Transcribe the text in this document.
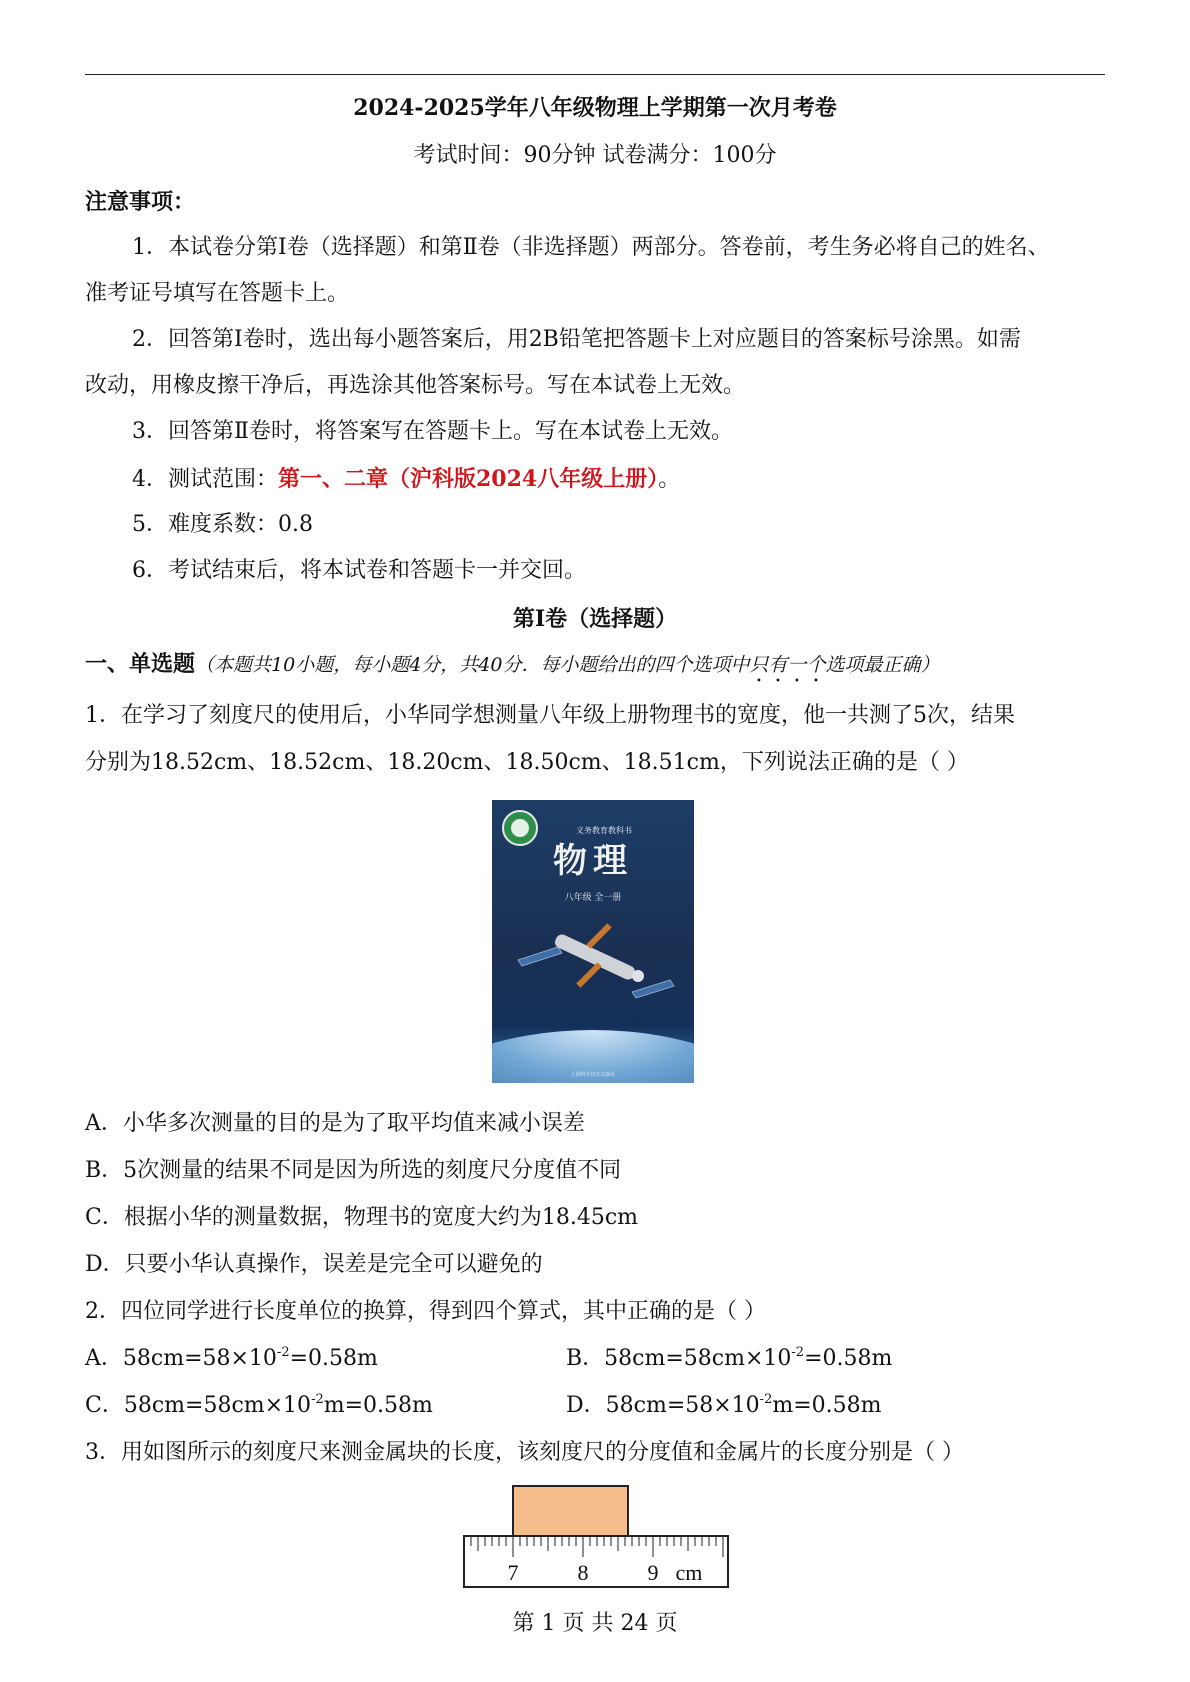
2024-2025学年八年级物理上学期第一次月考卷
考试时间：90分钟 试卷满分：100分
注意事项：
1．本试卷分第Ⅰ卷（选择题）和第Ⅱ卷（非选择题）两部分。答卷前，考生务必将自己的姓名、
准考证号填写在答题卡上。
2．回答第Ⅰ卷时，选出每小题答案后，用2B铅笔把答题卡上对应题目的答案标号涂黑。如需
改动，用橡皮擦干净后，再选涂其他答案标号。写在本试卷上无效。
3．回答第Ⅱ卷时，将答案写在答题卡上。写在本试卷上无效。
4．测试范围：第一、二章（沪科版2024八年级上册）。
5．难度系数：0.8
6．考试结束后，将本试卷和答题卡一并交回。
第Ⅰ卷（选择题）
一、单选题（本题共10小题，每小题4分，共40分．每小题给出的四个选项中只有一个选项最正确）
1．在学习了刻度尺的使用后，小华同学想测量八年级上册物理书的宽度，他一共测了5次，结果
分别为18.52cm、18.52cm、18.20cm、18.50cm、18.51cm，下列说法正确的是（ ）
义务教育教科书
物理
八年级 全一册
上海科学技术出版社
A．小华多次测量的目的是为了取平均值来减小误差
B．5次测量的结果不同是因为所选的刻度尺分度值不同
C．根据小华的测量数据，物理书的宽度大约为18.45cm
D．只要小华认真操作，误差是完全可以避免的
2．四位同学进行长度单位的换算，得到四个算式，其中正确的是（ ）
A．$58cm=58\times 10^{-2}=0.58m$	B．$58cm=58cm\times 10^{-2}=0.58m$
C．$58cm=58cm\times 10^{-2}m=0.58m$	D．$58cm=58\times 10^{-2}m=0.58m$
3．用如图所示的刻度尺来测金属块的长度，该刻度尺的分度值和金属片的长度分别是（ ）
7	8	9 cm
第 1 页 共 24 页
